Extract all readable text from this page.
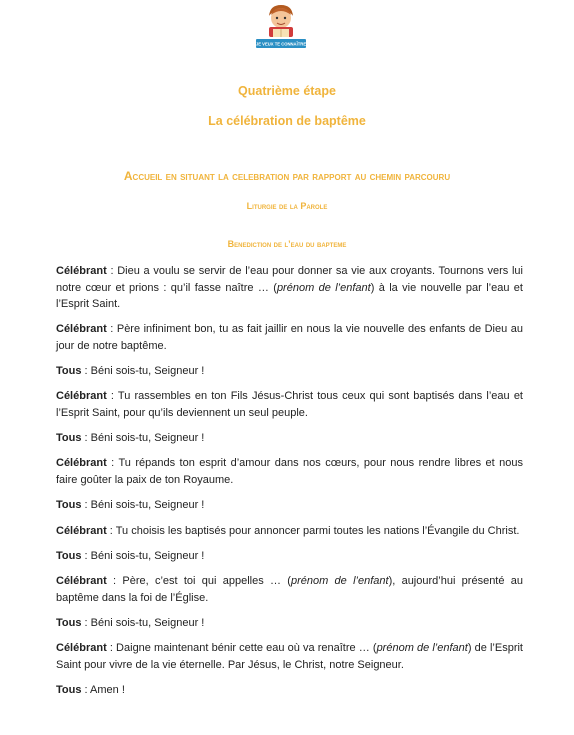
JE VEUX TE CONNAÎTRE
Quatrième étape
La célébration de baptême
Accueil en situant la celebration par rapport au chemin parcouru
Liturgie de la Parole
Benediction de l’eau du bapteme

Célébrant : Dieu a voulu se servir de l’eau pour donner sa vie aux croyants. Tournons vers lui notre cœur et prions : qu’il fasse naître … (prénom de l’enfant) à la vie nouvelle par l’eau et l’Esprit Saint.

Célébrant : Père infiniment bon, tu as fait jaillir en nous la vie nouvelle des enfants de Dieu au jour de notre baptême.

Tous : Béni sois-tu, Seigneur !

Célébrant : Tu rassembles en ton Fils Jésus-Christ tous ceux qui sont baptisés dans l’eau et l’Esprit Saint, pour qu’ils deviennent un seul peuple.

Tous : Béni sois-tu, Seigneur !

Célébrant : Tu répands ton esprit d’amour dans nos cœurs, pour nous rendre libres et nous faire goûter la paix de ton Royaume.

Tous : Béni sois-tu, Seigneur !

Célébrant : Tu choisis les baptisés pour annoncer parmi toutes les nations l’Évangile du Christ.

Tous : Béni sois-tu, Seigneur !

Célébrant : Père, c’est toi qui appelles … (prénom de l’enfant), aujourd’hui présenté au baptême dans la foi de l’Église.

Tous : Béni sois-tu, Seigneur !

Célébrant : Daigne maintenant bénir cette eau où va renaître … (prénom de l’enfant) de l’Esprit Saint pour vivre de la vie éternelle. Par Jésus, le Christ, notre Seigneur.

Tous : Amen !
